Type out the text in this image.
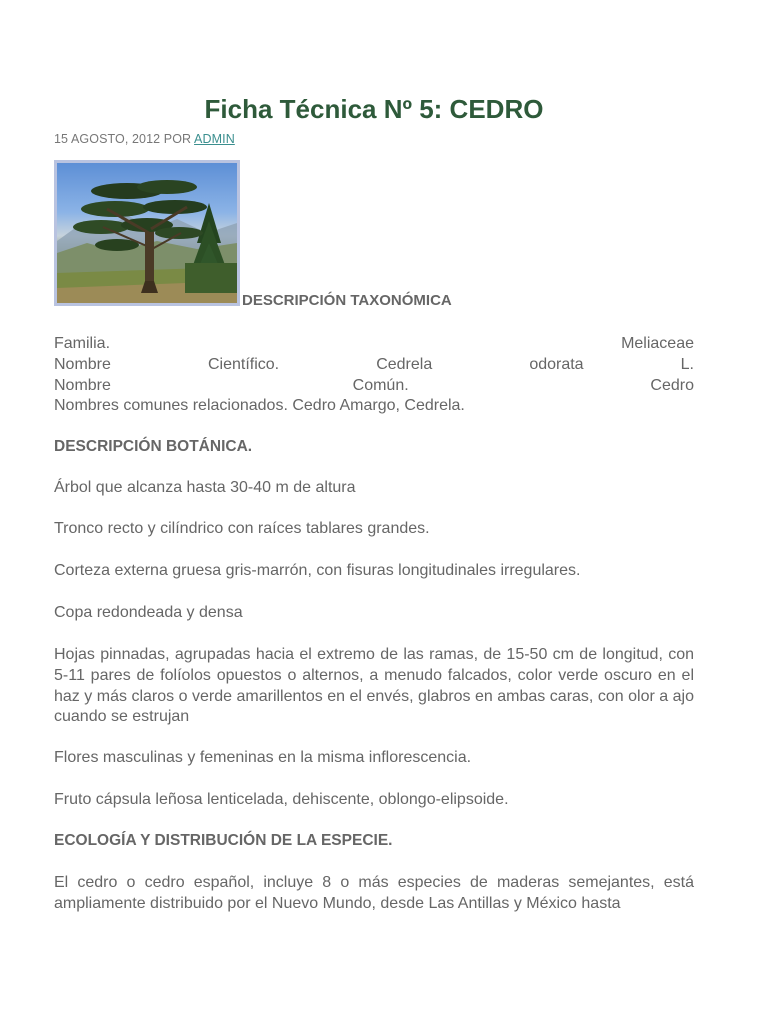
Ficha Técnica Nº 5: CEDRO
15 AGOSTO, 2012 POR ADMIN
DESCRIPCIÓN TAXONÓMICA
Familia.	Meliaceae
Nombre	Científico.	Cedrela	odorata	L.
Nombre	Común.	Cedro
Nombres comunes relacionados. Cedro Amargo, Cedrela.
DESCRIPCIÓN BOTÁNICA.

Árbol que alcanza hasta 30-40 m de altura

Tronco recto y cilíndrico con raíces tablares grandes.

Corteza externa gruesa gris-marrón, con fisuras longitudinales irregulares.

Copa redondeada y densa

Hojas pinnadas, agrupadas hacia el extremo de las ramas, de 15-50 cm de longitud, con 5-11 pares de folíolos opuestos o alternos, a menudo falcados, color verde oscuro en el haz y más claros o verde amarillentos en el envés, glabros en ambas caras, con olor a ajo cuando se estrujan

Flores masculinas y femeninas en la misma inflorescencia.

Fruto cápsula leñosa lenticelada, dehiscente, oblongo-elipsoide.

ECOLOGÍA Y DISTRIBUCIÓN DE LA ESPECIE.

El cedro o cedro español, incluye 8 o más especies de maderas semejantes, está ampliamente distribuido por el Nuevo Mundo, desde Las Antillas y México hasta
